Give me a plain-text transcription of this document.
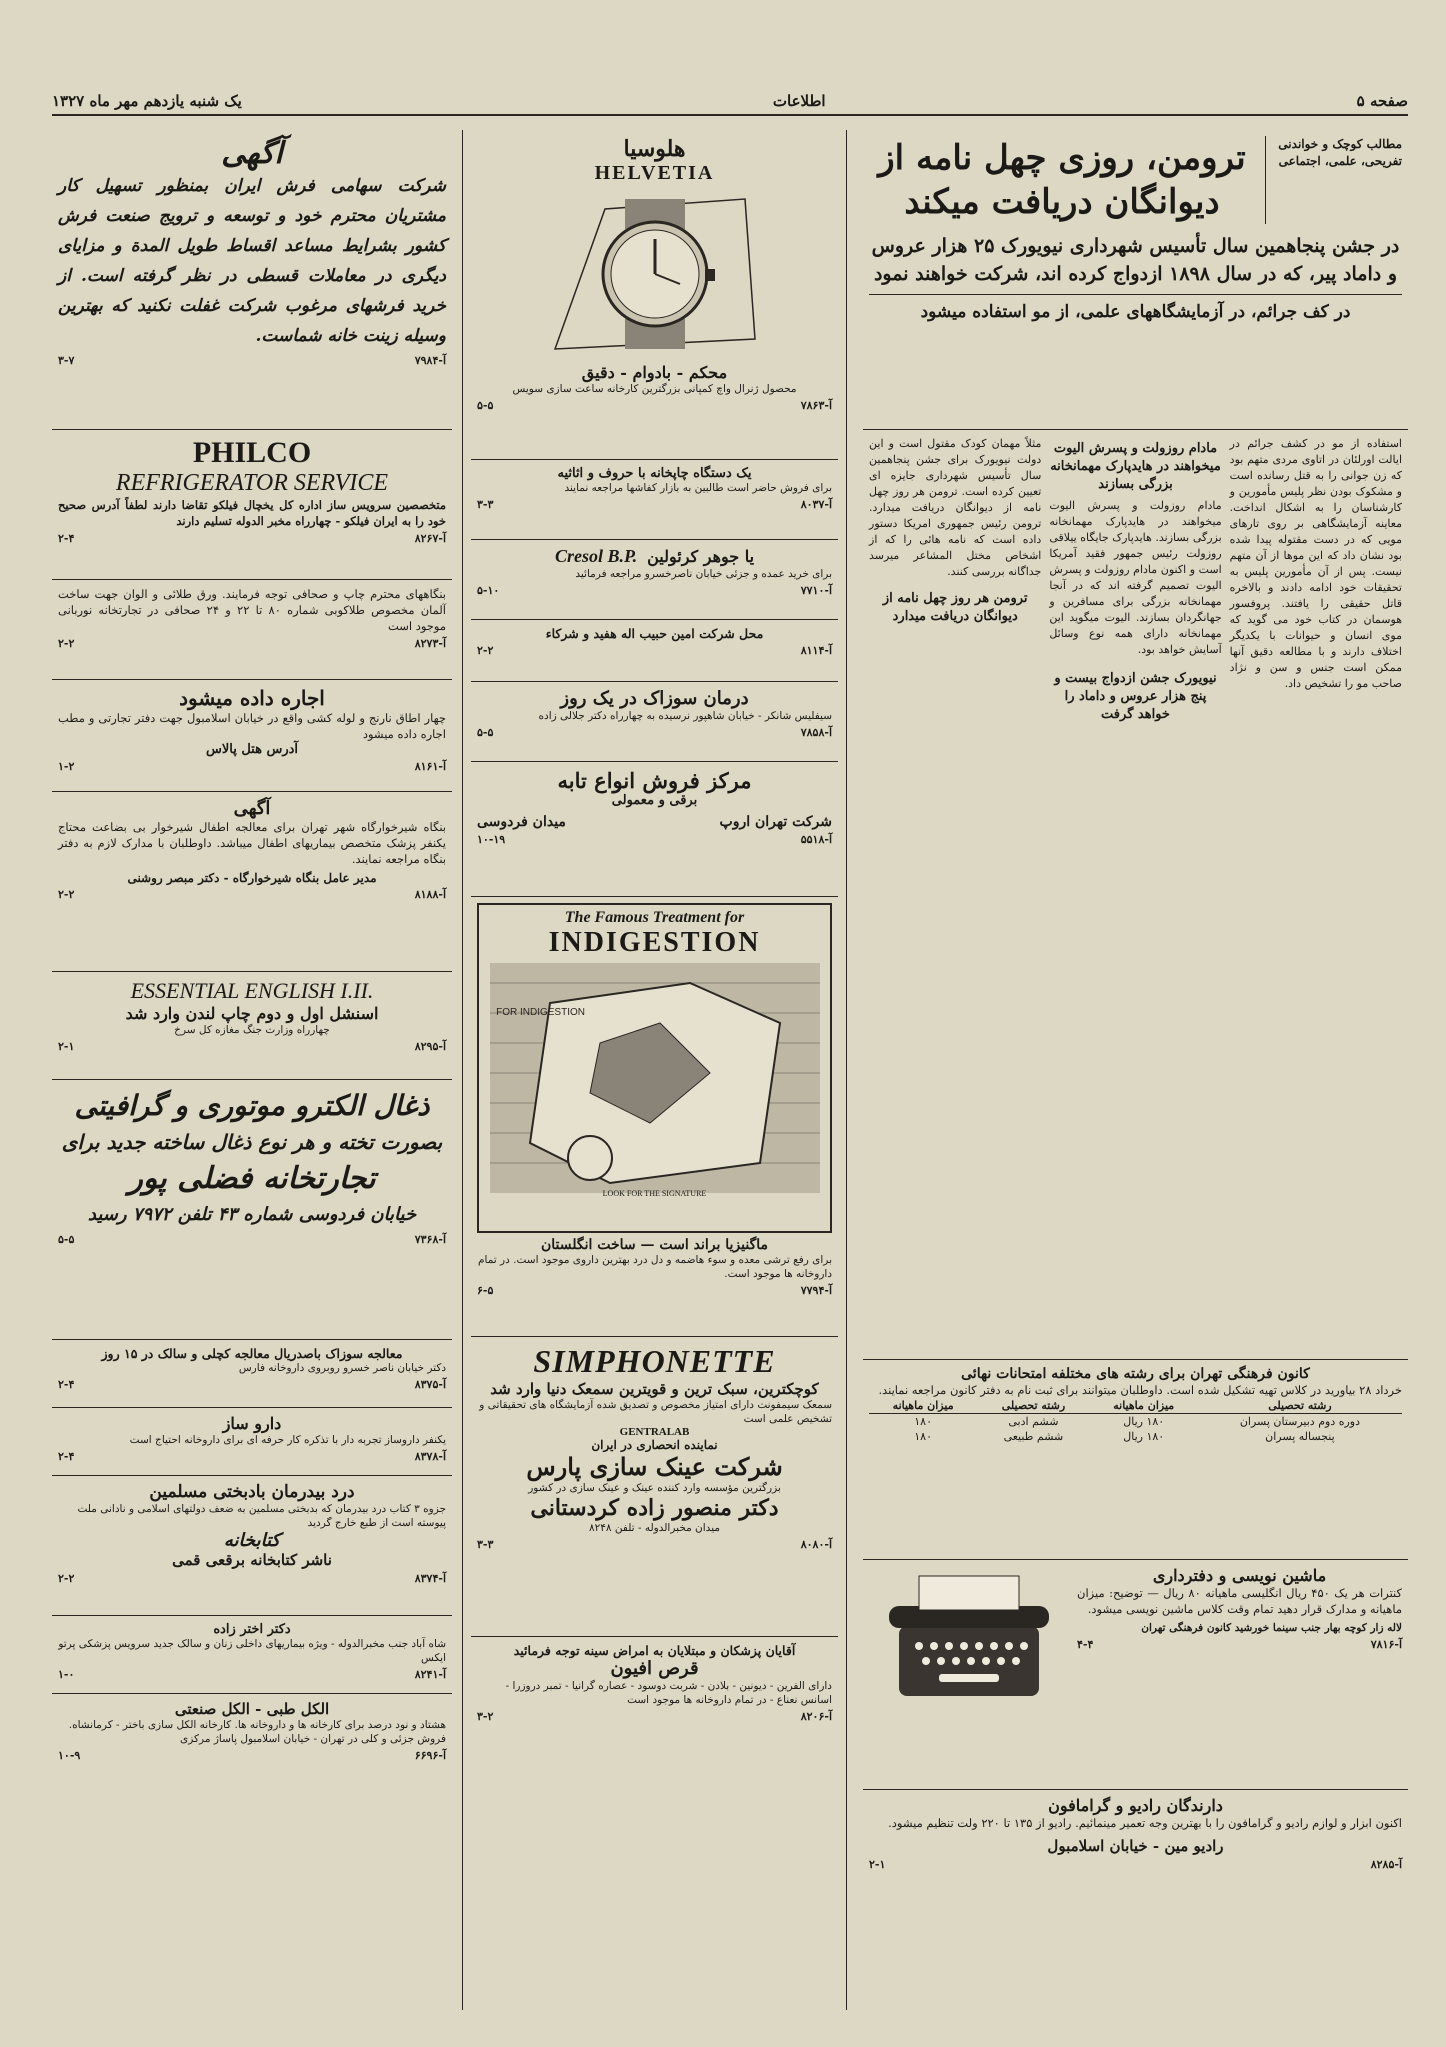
صفحه ۵
اطلاعات
یک شنبه یازدهم مهر ماه ۱۳۲۷
مطالب کوچک و خواندنی تفریحی، علمی، اجتماعی
ترومن، روزی چهل نامه از دیوانگان دریافت میکند
در جشن پنجاهمین سال تأسیس شهرداری نیویورک ۲۵ هزار عروس و داماد پیر، که در سال ۱۸۹۸ ازدواج کرده اند، شرکت خواهند نمود
در کف جرائم، در آزمایشگاههای علمی، از مو استفاده میشود
استفاده از مو در کشف جرائم در ایالت اورلئان در اتاوی مردی متهم بود که زن جوانی را به قتل رسانده است و مشکوک بودن نظر پلیس مأمورین و کارشناسان را به اشکال انداخت. معاینه آزمایشگاهی بر روی تارهای مویی که در دست مقتوله پیدا شده بود نشان داد که این موها از آن متهم نیست. پس از آن مأمورین پلیس به تحقیقات خود ادامه دادند و بالاخره قاتل حقیقی را یافتند. پروفسور هوسمان در کتاب خود می گوید که موی انسان و حیوانات با یکدیگر اختلاف دارند و با مطالعه دقیق آنها ممکن است جنس و سن و نژاد صاحب مو را تشخیص داد.
مادام روزولت و پسرش الیوت میخواهند در هایدپارک مهمانخانه بزرگی بسازند
مادام روزولت و پسرش الیوت میخواهند در هایدپارک مهمانخانه بزرگی بسازند. هایدپارک جایگاه ییلاقی روزولت رئیس جمهور فقید آمریکا است و اکنون مادام روزولت و پسرش الیوت تصمیم گرفته اند که در آنجا مهمانخانه بزرگی برای مسافرین و جهانگردان بسازند. الیوت میگوید این مهمانخانه دارای همه نوع وسائل آسایش خواهد بود.
نیویورک جشن ازدواج بیست و پنج هزار عروس و داماد را خواهد گرفت
مثلاً مهمان کودک مقتول است و این دولت نیویورک برای جشن پنجاهمین سال تأسیس شهرداری جایزه ای تعیین کرده است. ترومن هر روز چهل نامه از دیوانگان دریافت میدارد. ترومن رئیس جمهوری امریکا دستور داده است که نامه هائی را که از اشخاص مختل المشاعر میرسد جداگانه بررسی کنند.
ترومن هر روز چهل نامه از دیوانگان دریافت میدارد
کانون فرهنگی تهران برای رشته های مختلفه امتحانات نهائی
خرداد ۲۸ بیاورید در کلاس تهیه تشکیل شده است. داوطلبان میتوانند برای ثبت نام به دفتر کانون مراجعه نمایند.
رشته تحصیلی	میزان ماهیانه	رشته تحصیلی	میزان ماهیانه
دوره دوم دبیرستان پسران	۱۸۰ ریال	ششم ادبی	۱۸۰
پنجساله پسران	۱۸۰ ریال	ششم طبیعی	۱۸۰
ماشین نویسی و دفترداری
کنترات هر یک ۴۵۰ ریال انگلیسی ماهیانه ۸۰ ریال — توضیح: میزان ماهیانه و مدارک قرار دهید تمام وقت کلاس ماشین نویسی میشود.
لاله زار کوچه بهار جنب سینما خورشید کانون فرهنگی تهران
آ-۷۸۱۶
۴-۴
دارندگان رادیو و گرامافون
اکنون ابزار و لوازم رادیو و گرامافون را با بهترین وجه تعمیر مینمائیم. رادیو از ۱۳۵ تا ۲۲۰ ولت تنظیم میشود.
رادیو مین - خیابان اسلامبول
آ-۸۲۸۵
۲-۱
هلوسیا
HELVETIA
محکم - بادوام - دقیق
محصول ژنرال واچ کمپانی بزرگترین کارخانه ساعت سازی سویس
آ-۷۸۶۳
۵-۵
یک دستگاه چاپخانه با حروف و اثاثیه
برای فروش حاضر است طالبین به بازار کفاشها مراجعه نمایند
آ-۸۰۳۷
۳-۳
یا جوهر کرئولین
Cresol B.P.
برای خرید عمده و جزئی خیابان ناصرخسرو مراجعه فرمائید
آ-۷۷۱۰
۵-۱۰
محل شرکت امین حبیب اله هفید و شرکاء
آ-۸۱۱۴
۲-۲
درمان سوزاک در یک روز
سیفلیس شانکر - خیابان شاهپور نرسیده به چهارراه دکتر جلالی زاده
آ-۷۸۵۸
۵-۵
مرکز فروش انواع تابه
برقی و معمولی
شرکت تهران اروپ
میدان فردوسی
آ-۵۵۱۸
۱۰-۱۹
The Famous Treatment for
INDIGESTION
FOR INDIGESTION
LOOK FOR THE SIGNATURE
ماگنیزیا براند است — ساخت انگلستان
برای رفع ترشی معده و سوء هاضمه و دل درد بهترین داروی موجود است. در تمام داروخانه ها موجود است.
آ-۷۷۹۴
۶-۵
SIMPHONETTE
کوچکترین، سبک ترین و قویترین سمعک دنیا وارد شد
سمعک سیمفونت دارای امتیاز مخصوص و تصدیق شده آزمایشگاه های تحقیقاتی و تشخیص علمی است
GENTRALAB
نماینده انحصاری در ایران
شرکت عینک سازی پارس
بزرگترین مؤسسه وارد کننده عینک و عینک سازی در کشور
دکتر منصور زاده کردستانی
میدان مخبرالدوله - تلفن ۸۲۴۸
آ-۸۰۸۰
۳-۳
آقایان پزشکان و مبتلایان به امراض سینه توجه فرمائید
قرص افیون
دارای الفرین - دیونین - بلادن - شربت دوسود - عصاره گرانیا - تمبر دروزرا - اسانس نعناع - در تمام داروخانه ها موجود است
آ-۸۲۰۶
۳-۲
آگهی
شرکت سهامی فرش ایران بمنظور تسهیل کار مشتریان محترم خود و توسعه و ترویج صنعت فرش کشور بشرایط مساعد اقساط طویل المدة و مزایای دیگری در معاملات قسطی در نظر گرفته است. از خرید فرشهای مرغوب شرکت غفلت نکنید که بهترین وسیله زینت خانه شماست.
آ-۷۹۸۴
۳-۷
PHILCO
REFRIGERATOR SERVICE
متخصصین سرویس ساز اداره کل یخچال فیلکو تقاضا دارند لطفاً آدرس صحیح خود را به ایران فیلکو - چهارراه مخبر الدوله تسلیم دارند
آ-۸۲۶۷
۲-۴
بنگاههای محترم چاپ و صحافی توجه فرمایند. ورق طلائی و الوان جهت ساخت آلمان مخصوص طلاکوبی شماره ۸۰ تا ۲۲ و ۲۴ صحافی در تجارتخانه نوربانی موجود است
آ-۸۲۷۳
۲-۲
اجاره داده میشود
چهار اطاق نارنج و لوله کشی واقع در خیابان اسلامبول جهت دفتر تجارتی و مطب اجاره داده میشود
آدرس هتل پالاس
آ-۸۱۶۱
۱-۲
آگهی
بنگاه شیرخوارگاه شهر تهران برای معالجه اطفال شیرخوار بی بضاعت محتاج یکنفر پزشک متخصص بیماریهای اطفال میباشد. داوطلبان با مدارک لازم به دفتر بنگاه مراجعه نمایند.
مدیر عامل بنگاه شیرخوارگاه - دکتر مبصر روشنی
آ-۸۱۸۸
۲-۲
ESSENTIAL ENGLISH I.II.
اسنشل اول و دوم چاپ لندن وارد شد
چهارراه وزارت جنگ مغازه کل سرخ
آ-۸۲۹۵
۲-۱
ذغال الکترو موتوری و گرافیتی
بصورت تخته و هر نوع ذغال ساخته جدید برای
تجارتخانه فضلی پور
خیابان فردوسی شماره ۴۳ تلفن ۷۹۷۲ رسید
آ-۷۳۶۸
۵-۵
معالجه سوزاک باصدریال معالجه کچلی و سالک در ۱۵ روز
دکتر خیابان ناصر خسرو روبروی داروخانه فارس
آ-۸۳۷۵
۲-۴
دارو ساز
یکنفر داروساز تجربه دار با تذکره کار حرفه ای برای داروخانه احتیاج است
آ-۸۳۷۸
۲-۴
درد بیدرمان بادبختی مسلمین
جزوه ۳ کتاب درد بیدرمان که بدبختی مسلمین به ضعف دولتهای اسلامی و نادانی ملت پیوسته است از طبع خارج گردید
کتابخانه
ناشر کتابخانه برقعی قمی
آ-۸۳۷۴
۲-۲
دکتر اختر زاده
شاه آباد جنب مخبرالدوله - ویژه بیماریهای داخلی زنان و سالک جدید سرویس پزشکی پرتو ایکس
آ-۸۲۴۱
۱-۰
الکل طبی - الکل صنعتی
هشتاد و نود درصد برای کارخانه ها و داروخانه ها. کارخانه الکل سازی باختر - کرمانشاه. فروش جزئی و کلی در تهران - خیابان اسلامبول پاساژ مرکزی
آ-۶۶۹۶
۱۰-۹
